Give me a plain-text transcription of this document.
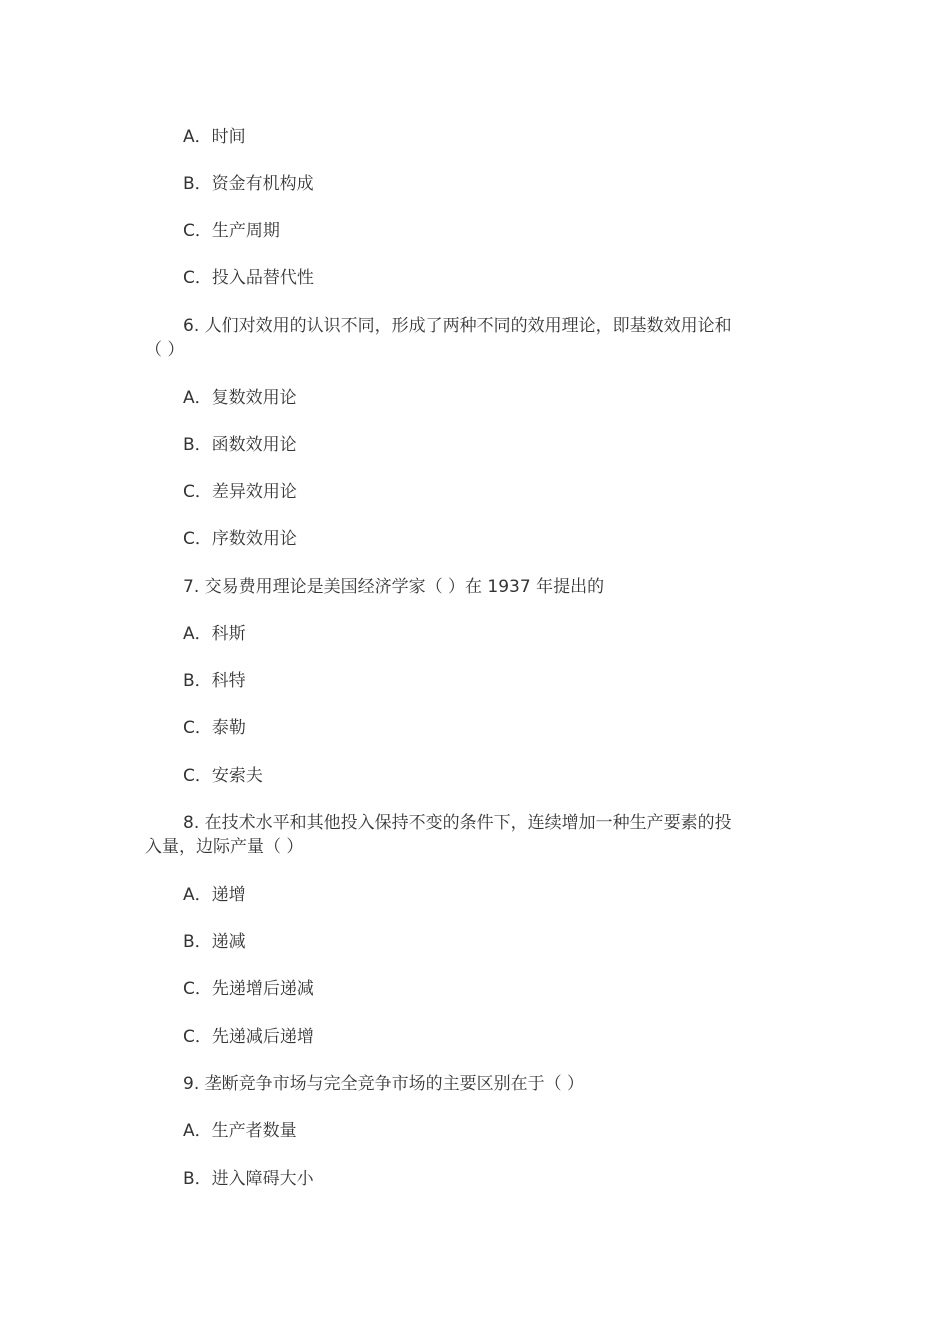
A．时间
B．资金有机构成
C．生产周期
C．投入品替代性
6. 人们对效用的认识不同，形成了两种不同的效用理论，即基数效用论和
（ ）
A．复数效用论
B．函数效用论
C．差异效用论
C．序数效用论
7. 交易费用理论是美国经济学家（ ）在 1937 年提出的
A．科斯
B．科特
C．泰勒
C．安索夫
8. 在技术水平和其他投入保持不变的条件下，连续增加一种生产要素的投
入量，边际产量（ ）
A．递增
B．递减
C．先递增后递减
C．先递减后递增
9. 垄断竞争市场与完全竞争市场的主要区别在于（ ）
A．生产者数量
B．进入障碍大小
